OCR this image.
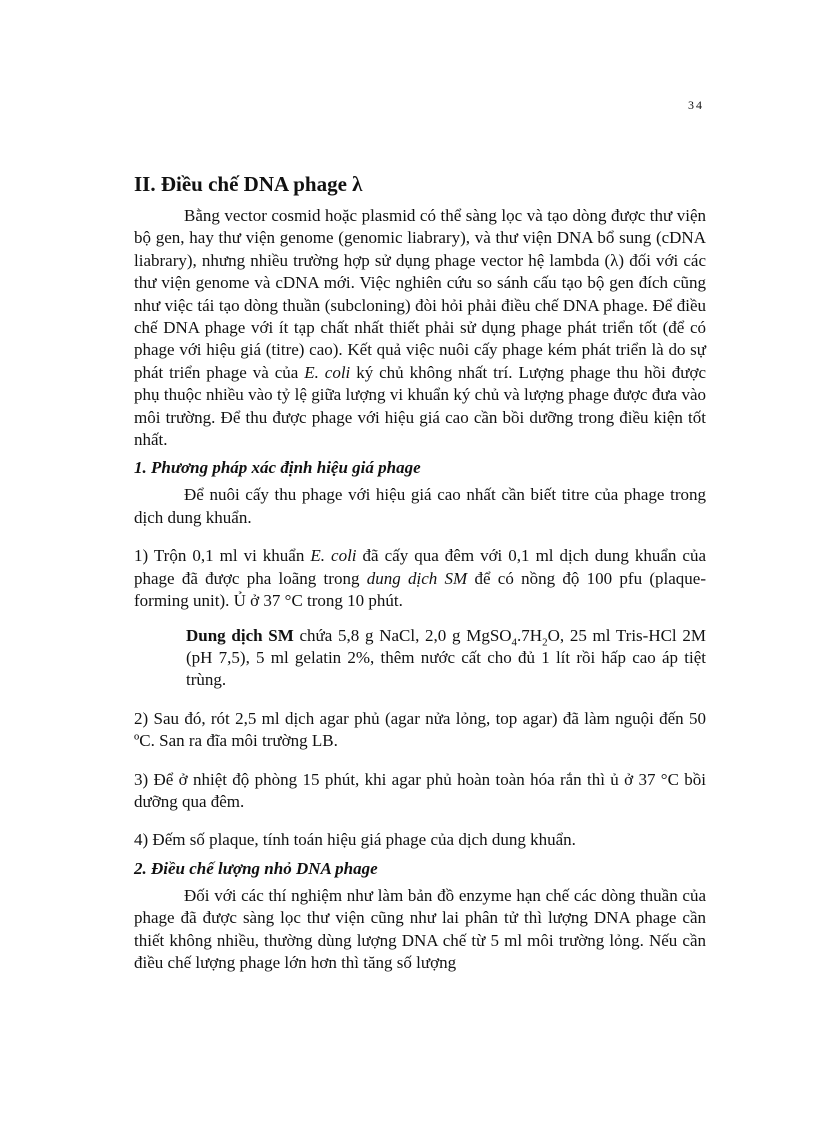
34
II. Điều chế DNA phage λ

Bằng vector cosmid hoặc plasmid có thể sàng lọc và tạo dòng được thư viện bộ gen, hay thư viện genome (genomic liabrary), và thư viện DNA bổ sung (cDNA liabrary), nhưng nhiều trường hợp sử dụng phage vector hệ lambda (λ) đối với các thư viện genome và cDNA mới. Việc nghiên cứu so sánh cấu tạo bộ gen đích cũng như việc tái tạo dòng thuần (subcloning) đòi hỏi phải điều chế DNA phage. Để điều chế DNA phage với ít tạp chất nhất thiết phải sử dụng phage phát triển tốt (để có phage với hiệu giá (titre) cao). Kết quả việc nuôi cấy phage kém phát triển là do sự phát triển phage và của E. coli ký chủ không nhất trí. Lượng phage thu hồi được phụ thuộc nhiều vào tỷ lệ giữa lượng vi khuẩn ký chủ và lượng phage được đưa vào môi trường. Để thu được phage với hiệu giá cao cần bồi dưỡng trong điều kiện tốt nhất.

1. Phương pháp xác định hiệu giá phage

Để nuôi cấy thu phage với hiệu giá cao nhất cần biết titre của phage trong dịch dung khuẩn.

1) Trộn 0,1 ml vi khuẩn E. coli đã cấy qua đêm với 0,1 ml dịch dung khuẩn của phage đã được pha loãng trong dung dịch SM để có nồng độ 100 pfu (plaque-forming unit). Ủ ở 37 °C trong 10 phút.

Dung dịch SM chứa 5,8 g NaCl, 2,0 g $MgSO_4.7H_2O$, 25 ml Tris-HCl 2M (pH 7,5), 5 ml gelatin 2%, thêm nước cất cho đủ 1 lít rồi hấp cao áp tiệt trùng.

2) Sau đó, rót 2,5 ml dịch agar phủ (agar nửa lỏng, top agar) đã làm nguội đến 50 ºC. San ra đĩa môi trường LB.

3) Để ở nhiệt độ phòng 15 phút, khi agar phủ hoàn toàn hóa rắn thì ủ ở 37 °C bồi dưỡng qua đêm.

4) Đếm số plaque, tính toán hiệu giá phage của dịch dung khuẩn.

2. Điều chế lượng nhỏ DNA phage

Đối với các thí nghiệm như làm bản đồ enzyme hạn chế các dòng thuần của phage đã được sàng lọc thư viện cũng như lai phân tử thì lượng DNA phage cần thiết không nhiều, thường dùng lượng DNA chế từ 5 ml môi trường lỏng. Nếu cần điều chế lượng phage lớn hơn thì tăng số lượng
